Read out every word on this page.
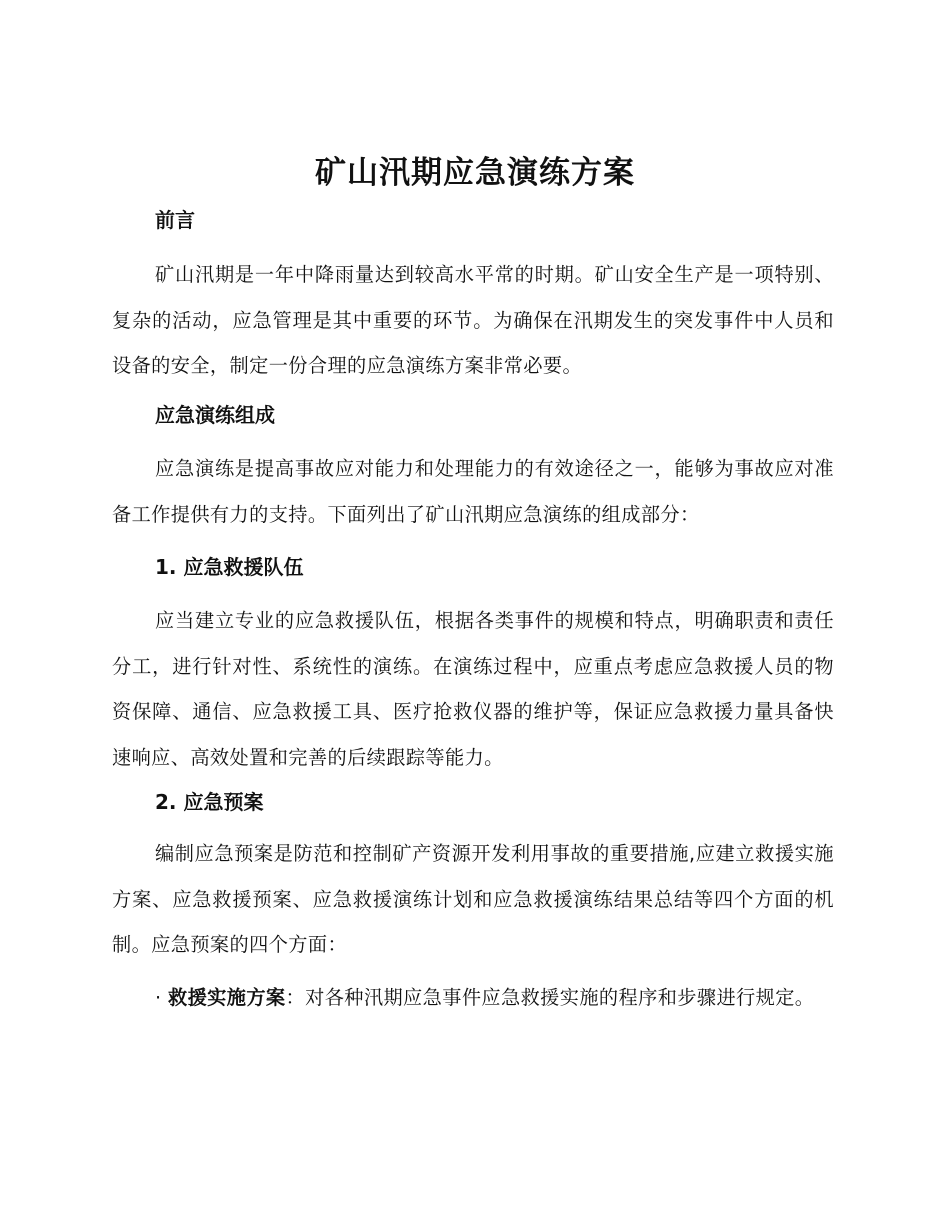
矿山汛期应急演练方案
前言

矿山汛期是一年中降雨量达到较高水平常的时期。矿山安全生产是一项特别、复杂的活动，应急管理是其中重要的环节。为确保在汛期发生的突发事件中人员和设备的安全，制定一份合理的应急演练方案非常必要。

应急演练组成

应急演练是提高事故应对能力和处理能力的有效途径之一，能够为事故应对准备工作提供有力的支持。下面列出了矿山汛期应急演练的组成部分：

1. 应急救援队伍

应当建立专业的应急救援队伍，根据各类事件的规模和特点，明确职责和责任分工，进行针对性、系统性的演练。在演练过程中，应重点考虑应急救援人员的物资保障、通信、应急救援工具、医疗抢救仪器的维护等，保证应急救援力量具备快速响应、高效处置和完善的后续跟踪等能力。

2. 应急预案

编制应急预案是防范和控制矿产资源开发利用事故的重要措施,应建立救援实施方案、应急救援预案、应急救援演练计划和应急救援演练结果总结等四个方面的机制。应急预案的四个方面：

· 救援实施方案：对各种汛期应急事件应急救援实施的程序和步骤进行规定。
